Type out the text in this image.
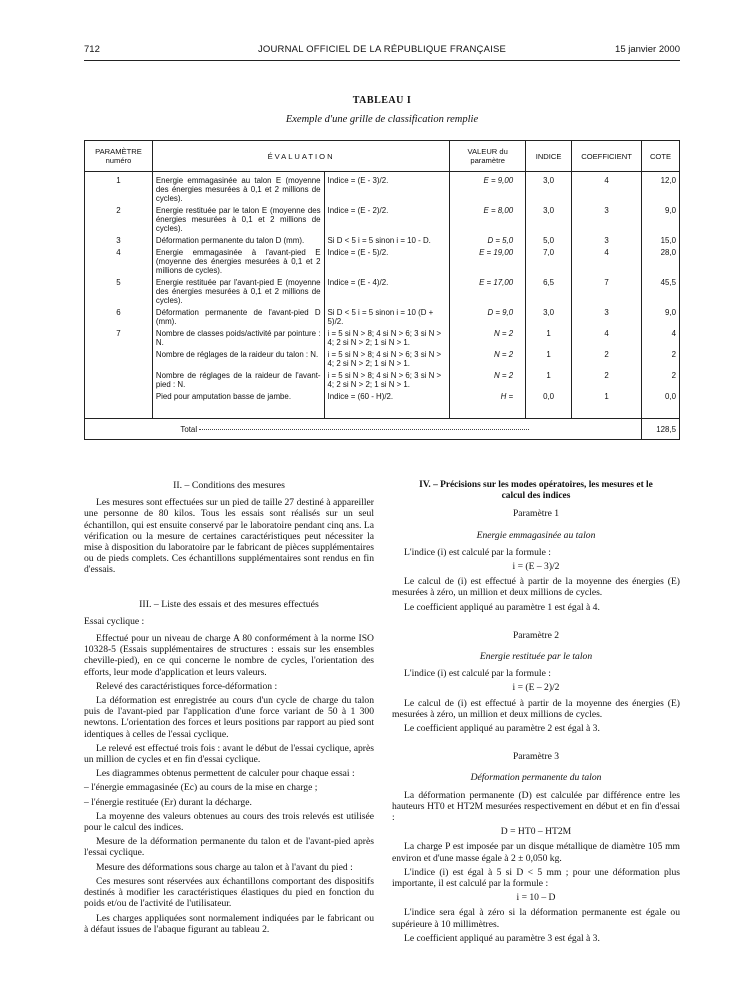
712	JOURNAL OFFICIEL DE LA RÉPUBLIQUE FRANÇAISE	15 janvier 2000
TABLEAU I
Exemple d'une grille de classification remplie
PARAMÈTRE numéro	ÉVALUATION		VALEUR du paramètre	INDICE	COEFFICIENT	COTE

1	Energie emmagasinée au talon E (moyenne des énergies mesurées à 0,1 et 2 millions de cycles).	Indice = (E - 3)/2.	E = 9,00	3,0	4	12,0
2	Energie restituée par le talon E (moyenne des énergies mesurées à 0,1 et 2 millions de cycles).	Indice = (E - 2)/2.	E = 8,00	3,0	3	9,0
3	Déformation permanente du talon D (mm).	Si D < 5 i = 5 sinon i = 10 - D.	D = 5,0	5,0	3	15,0
4	Energie emmagasinée à l'avant-pied E (moyenne des énergies mesurées à 0,1 et 2 millions de cycles).	Indice = (E - 5)/2.	E = 19,00	7,0	4	28,0
5	Energie restituée par l'avant-pied E (moyenne des énergies mesurées à 0,1 et 2 millions de cycles).	Indice = (E - 4)/2.	E = 17,00	6,5	7	45,5
6	Déformation permanente de l'avant-pied D (mm).	Si D < 5 i = 5 sinon i = 10 (D + 5)/2.	D = 9,0	3,0	3	9,0
7	Nombre de classes poids/activité par pointure : N.	i = 5 si N > 8; 4 si N > 6; 3 si N > 4; 2 si N > 2; 1 si N > 1.	N = 2	1	4	4
	Nombre de réglages de la raideur du talon : N.	i = 5 si N > 8; 4 si N > 6; 3 si N > 4; 2 si N > 2; 1 si N > 1.	N = 2	1	2	2
	Nombre de réglages de la raideur de l'avant-pied : N.	i = 5 si N > 8; 4 si N > 6; 3 si N > 4; 2 si N > 2; 1 si N > 1.	N = 2	1	2	2
	Pied pour amputation basse de jambe.	Indice = (60 - H)/2.	H =	0,0	1	0,0

	Total					128,5
II. – Conditions des mesures

Les mesures sont effectuées sur un pied de taille 27 destiné à appareiller une personne de 80 kilos. Tous les essais sont réalisés sur un seul échantillon, qui est ensuite conservé par le laboratoire pendant cinq ans. La vérification ou la mesure de certaines caractéristiques peut nécessiter la mise à disposition du laboratoire par le fabricant de pièces supplémentaires ou de pieds complets. Ces échantillons supplémentaires sont rendus en fin d'essais.

III. – Liste des essais et des mesures effectués

Essai cyclique :

Effectué pour un niveau de charge A 80 conformément à la norme ISO 10328-5 (Essais supplémentaires de structures : essais sur les ensembles cheville-pied), en ce qui concerne le nombre de cycles, l'orientation des efforts, leur mode d'application et leurs valeurs.

Relevé des caractéristiques force-déformation :

La déformation est enregistrée au cours d'un cycle de charge du talon puis de l'avant-pied par l'application d'une force variant de 50 à 1 300 newtons. L'orientation des forces et leurs positions par rapport au pied sont identiques à celles de l'essai cyclique.

Le relevé est effectué trois fois : avant le début de l'essai cyclique, après un million de cycles et en fin d'essai cyclique.

Les diagrammes obtenus permettent de calculer pour chaque essai :

– l'énergie emmagasinée (Ec) au cours de la mise en charge ;

– l'énergie restituée (Er) durant la décharge.

La moyenne des valeurs obtenues au cours des trois relevés est utilisée pour le calcul des indices.

Mesure de la déformation permanente du talon et de l'avant-pied après l'essai cyclique.

Mesure des déformations sous charge au talon et à l'avant du pied :

Ces mesures sont réservées aux échantillons comportant des dispositifs destinés à modifier les caractéristiques élastiques du pied en fonction du poids et/ou de l'activité de l'utilisateur.

Les charges appliquées sont normalement indiquées par le fabricant ou à défaut issues de l'abaque figurant au tableau 2.

IV. – Précisions sur les modes opératoires, les mesures et le calcul des indices
Paramètre 1
Energie emmagasinée au talon

L'indice (i) est calculé par la formule :

i = (E – 3)/2

Le calcul de (i) est effectué à partir de la moyenne des énergies (E) mesurées à zéro, un million et deux millions de cycles.

Le coefficient appliqué au paramètre 1 est égal à 4.

Paramètre 2
Energie restituée par le talon

L'indice (i) est calculé par la formule :

i = (E – 2)/2

Le calcul de (i) est effectué à partir de la moyenne des énergies (E) mesurées à zéro, un million et deux millions de cycles.

Le coefficient appliqué au paramètre 2 est égal à 3.

Paramètre 3
Déformation permanente du talon

La déformation permanente (D) est calculée par différence entre les hauteurs HT0 et HT2M mesurées respectivement en début et en fin d'essai :

D = HT0 – HT2M

La charge P est imposée par un disque métallique de diamètre 105 mm environ et d'une masse égale à 2 ± 0,050 kg.

L'indice (i) est égal à 5 si D < 5 mm ; pour une déformation plus importante, il est calculé par la formule :

i = 10 – D

L'indice sera égal à zéro si la déformation permanente est égale ou supérieure à 10 millimètres.

Le coefficient appliqué au paramètre 3 est égal à 3.
